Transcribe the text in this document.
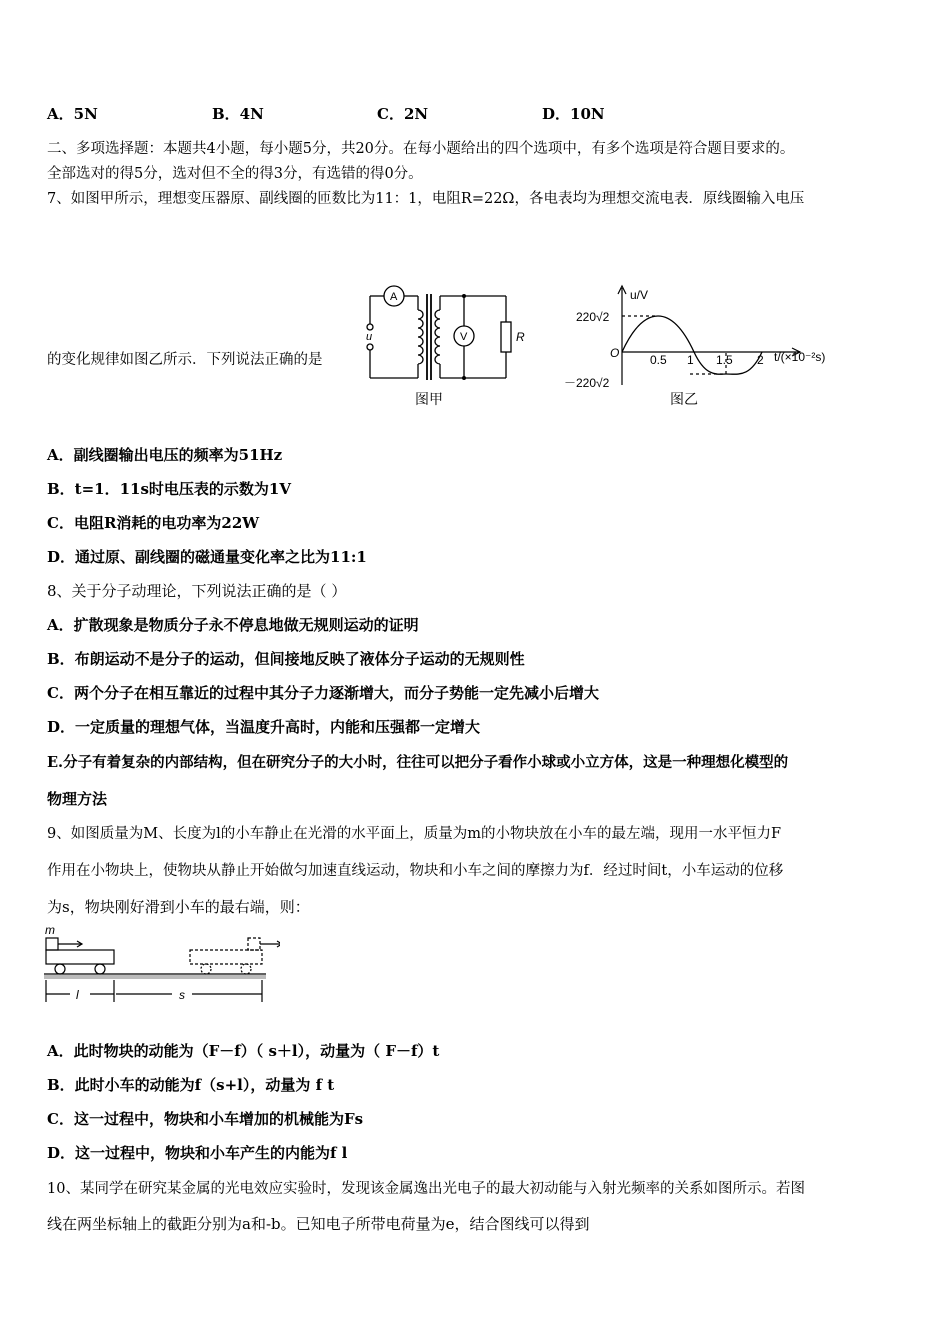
A．5N	B．4N	C．2N	D．10N
二、多项选择题：本题共4小题，每小题5分，共20分。在每小题给出的四个选项中，有多个选项是符合题目要求的。
全部选对的得5分，选对但不全的得3分，有选错的得0分。
7、如图甲所示，理想变压器原、副线圈的匝数比为11：1，电阻R=22Ω，各电表均为理想交流电表．原线圈输入电压
的变化规律如图乙所示．下列说法正确的是
A
V	R
u
图甲
u/V
t/(×10⁻²s)
O	0.5 1 1.5 2
220√2
－220√2
图乙
A．副线圈输出电压的频率为51Hz
B．t=1．11s时电压表的示数为1V
C．电阻R消耗的电功率为22W
D．通过原、副线圈的磁通量变化率之比为11:1
8、关于分子动理论，下列说法正确的是（ ）
A．扩散现象是物质分子永不停息地做无规则运动的证明
B．布朗运动不是分子的运动，但间接地反映了液体分子运动的无规则性
C．两个分子在相互靠近的过程中其分子力逐渐增大，而分子势能一定先减小后增大
D．一定质量的理想气体，当温度升高时，内能和压强都一定增大
E.分子有着复杂的内部结构，但在研究分子的大小时，往往可以把分子看作小球或小立方体，这是一种理想化模型的
物理方法
9、如图质量为M、长度为l的小车静止在光滑的水平面上，质量为m的小物块放在小车的最左端，现用一水平恒力F
作用在小物块上，使物块从静止开始做匀加速直线运动，物块和小车之间的摩擦力为f．经过时间t，小车运动的位移
为s，物块刚好滑到小车的最右端，则：
m
l	s
A．此时物块的动能为（F－f）（ s＋l），动量为（ F－f）t
B．此时小车的动能为f（s+l），动量为 f t
C．这一过程中，物块和小车增加的机械能为Fs
D．这一过程中，物块和小车产生的内能为f l
10、某同学在研究某金属的光电效应实验时，发现该金属逸出光电子的最大初动能与入射光频率的关系如图所示。若图
线在两坐标轴上的截距分别为a和-b。已知电子所带电荷量为e，结合图线可以得到
